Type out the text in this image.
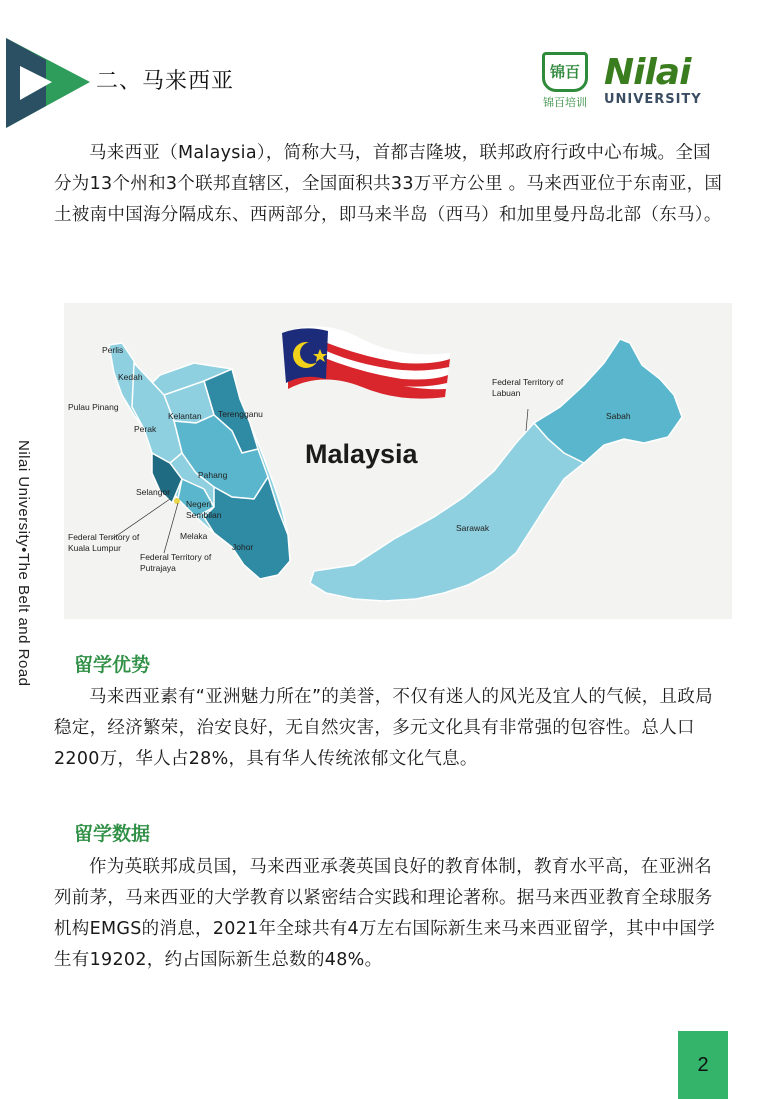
二、马来西亚	锦百
锦百培训
Nilai
UNIVERSITY
Nilai University•The Belt and Road

马来西亚（Malaysia），简称大马，首都吉隆坡，联邦政府行政中心布城。全国分为13个州和3个联邦直辖区，全国面积共33万平方公里 。马来西亚位于东南亚，国土被南中国海分隔成东、西两部分，即马来半岛（西马）和加里曼丹岛北部（东马）。

Malaysia
Perlis
Kedah
Pulau Pinang
Kelantan Terengganu
Perak
Pahang
Selangor
Negeri Sembilan
Melaka
Johor
Federal Territory of Kuala Lumpur
Federal Territory of Putrajaya
Federal Territory of Labuan
Sabah
Sarawak
留学优势

马来西亚素有“亚洲魅力所在”的美誉，不仅有迷人的风光及宜人的气候，且政局稳定，经济繁荣，治安良好，无自然灾害，多元文化具有非常强的包容性。总人口2200万，华人占28%，具有华人传统浓郁文化气息。

留学数据

作为英联邦成员国，马来西亚承袭英国良好的教育体制，教育水平高，在亚洲名列前茅，马来西亚的大学教育以紧密结合实践和理论著称。据马来西亚教育全球服务机构EMGS的消息，2021年全球共有4万左右国际新生来马来西亚留学，其中中国学生有19202，约占国际新生总数的48%。

2
